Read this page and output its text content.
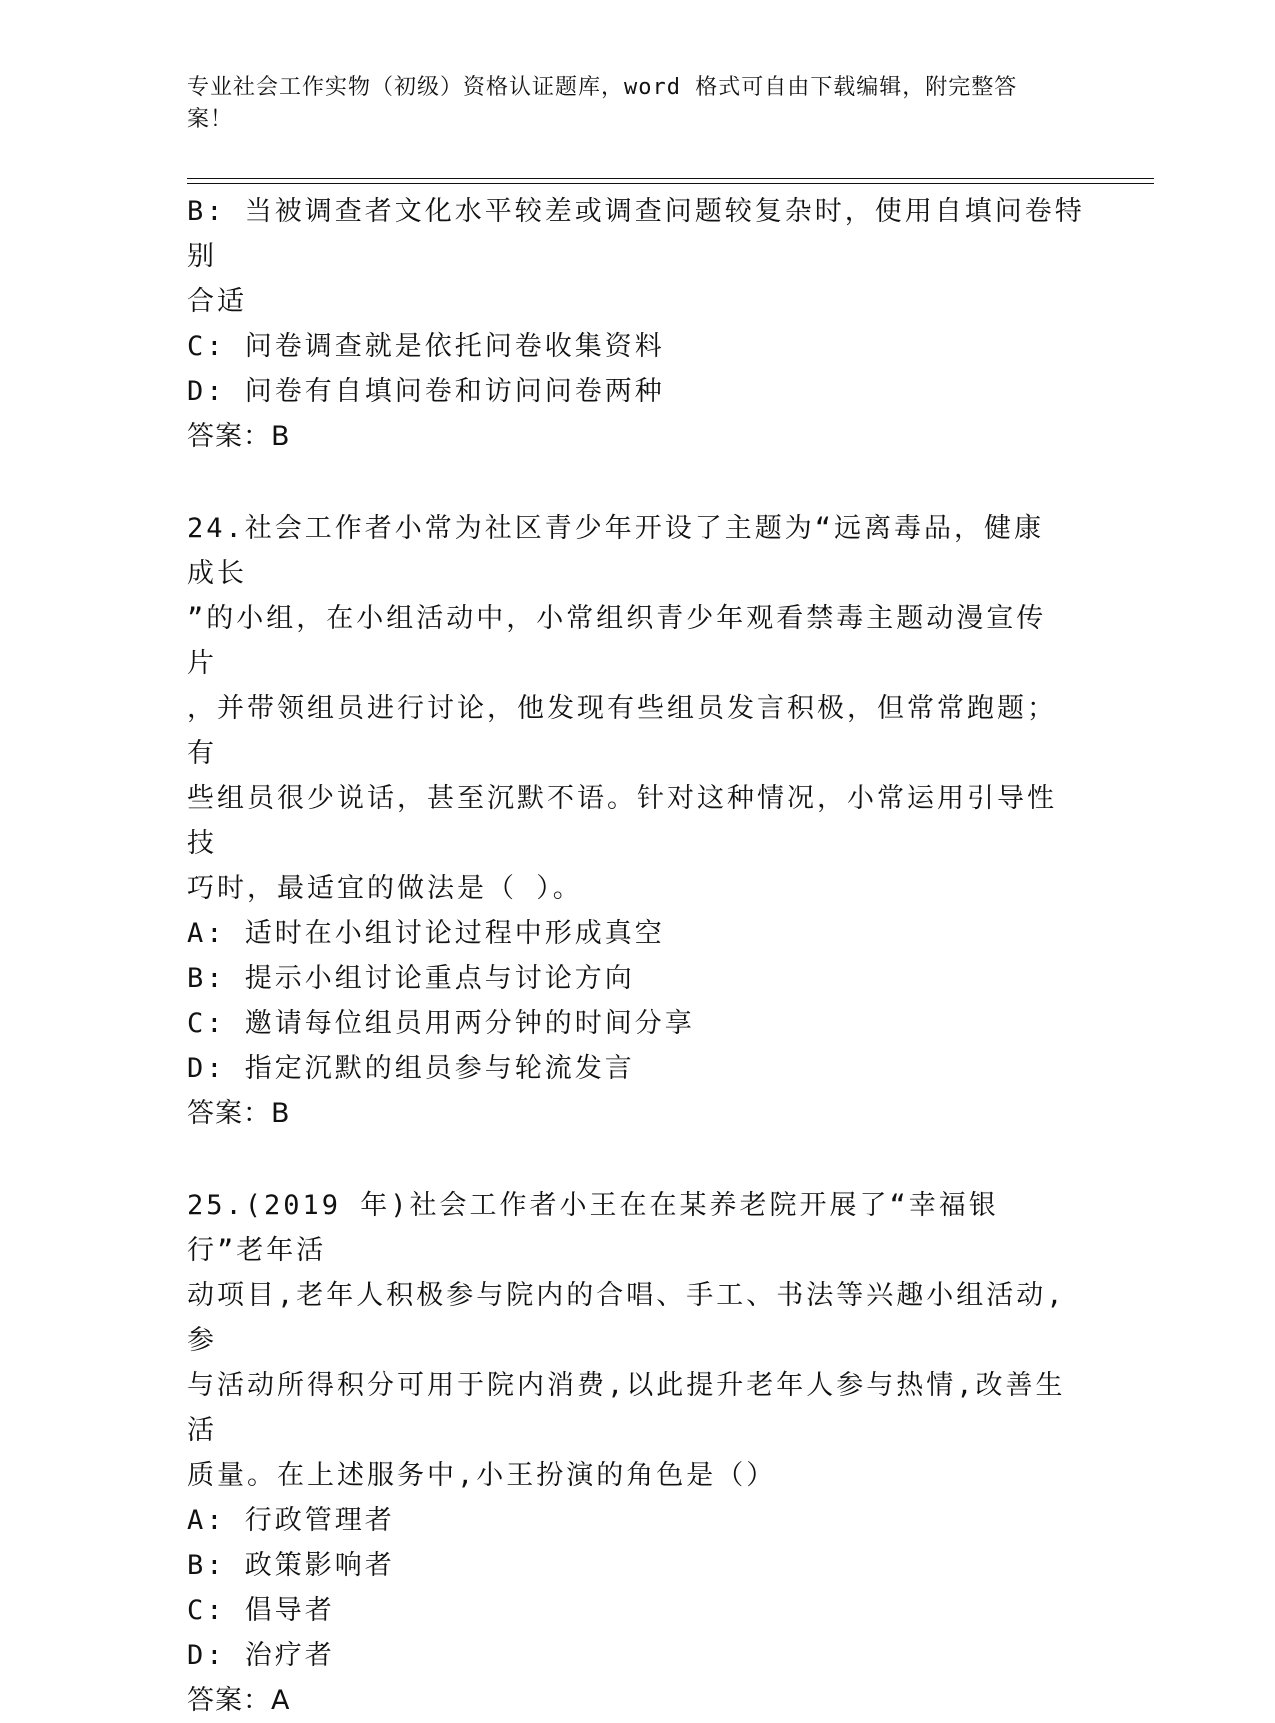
专业社会工作实物（初级）资格认证题库，word 格式可自由下载编辑，附完整答
案！

B: 当被调查者文化水平较差或调查问题较复杂时，使用自填问卷特别

合适

C: 问卷调查就是依托问卷收集资料

D: 问卷有自填问卷和访问问卷两种

答案：B

24.社会工作者小常为社区青少年开设了主题为“远离毒品，健康成长

”的小组，在小组活动中，小常组织青少年观看禁毒主题动漫宣传片

，并带领组员进行讨论，他发现有些组员发言积极，但常常跑题；有

些组员很少说话，甚至沉默不语。针对这种情况，小常运用引导性技

巧时，最适宜的做法是（ ）。

A: 适时在小组讨论过程中形成真空

B: 提示小组讨论重点与讨论方向

C: 邀请每位组员用两分钟的时间分享

D: 指定沉默的组员参与轮流发言

答案：B

25.(2019 年)社会工作者小王在在某养老院开展了“幸福银行”老年活

动项目,老年人积极参与院内的合唱、手工、书法等兴趣小组活动,参

与活动所得积分可用于院内消费,以此提升老年人参与热情,改善生活

质量。在上述服务中,小王扮演的角色是（）

A: 行政管理者

B: 政策影响者

C: 倡导者

D: 治疗者

答案：A
